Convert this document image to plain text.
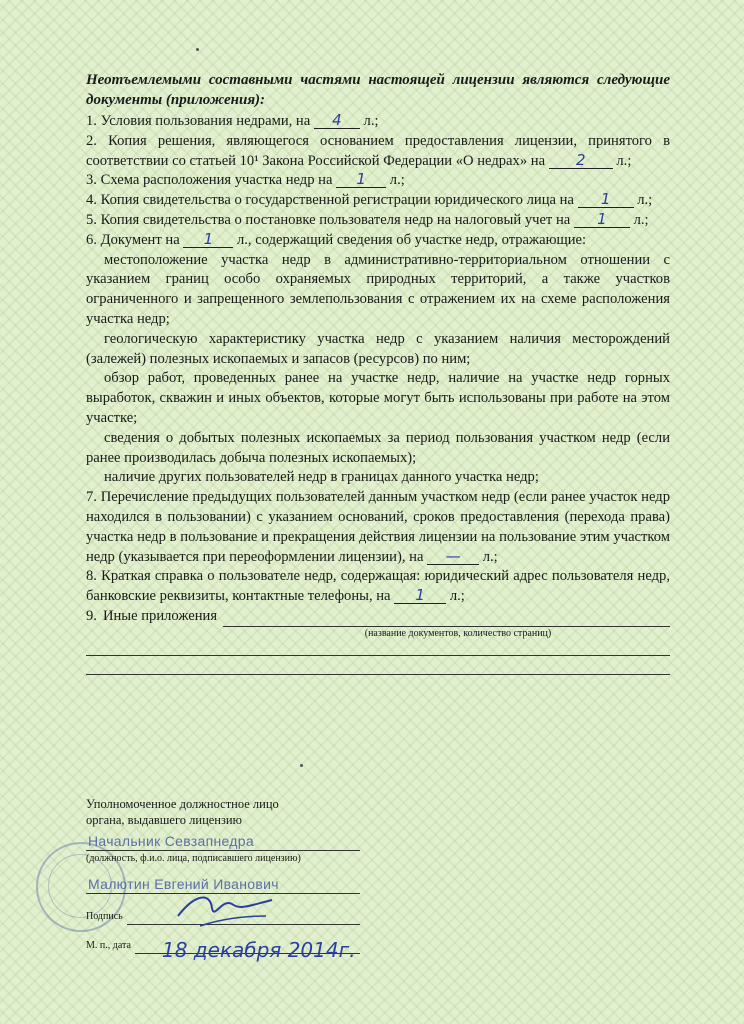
Неотъемлемыми составными частями настоящей лицензии являются следующие документы (приложения):

1. Условия пользования недрами, на 4 л.;

2. Копия решения, являющегося основанием предоставления лицензии, принятого в соответствии со статьей 10¹ Закона Российской Федерации «О недрах» на 2 л.;

3. Схема расположения участка недр на 1 л.;

4. Копия свидетельства о государственной регистрации юридического лица на 1 л.;

5. Копия свидетельства о постановке пользователя недр на налоговый учет на 1 л.;

6. Документ на 1 л., содержащий сведения об участке недр, отражающие:

местоположение участка недр в административно-территориальном отношении с указанием границ особо охраняемых природных территорий, а также участков ограниченного и запрещенного землепользования с отражением их на схеме расположения участка недр;

геологическую характеристику участка недр с указанием наличия месторождений (залежей) полезных ископаемых и запасов (ресурсов) по ним;

обзор работ, проведенных ранее на участке недр, наличие на участке недр горных выработок, скважин и иных объектов, которые могут быть использованы при работе на этом участке;

сведения о добытых полезных ископаемых за период пользования участком недр (если ранее производилась добыча полезных ископаемых);

наличие других пользователей недр в границах данного участка недр;

7. Перечисление предыдущих пользователей данным участком недр (если ранее участок недр находился в пользовании) с указанием оснований, сроков предоставления (перехода права) участка недр в пользование и прекращения действия лицензии на пользование этим участком недр (указывается при переоформлении лицензии), на — л.;

8. Краткая справка о пользователе недр, содержащая: юридический адрес пользователя недр, банковские реквизиты, контактные телефоны, на 1 л.;

9. Иные приложения
(название документов, количество страниц)
Уполномоченное должностное лицо
органа, выдавшего лицензию
Начальник Севзапнедра
(должность, ф.и.о. лица, подписавшего лицензию)
Малютин Евгений Иванович
Подпись
М. п., дата 18 декабря 2014г.
